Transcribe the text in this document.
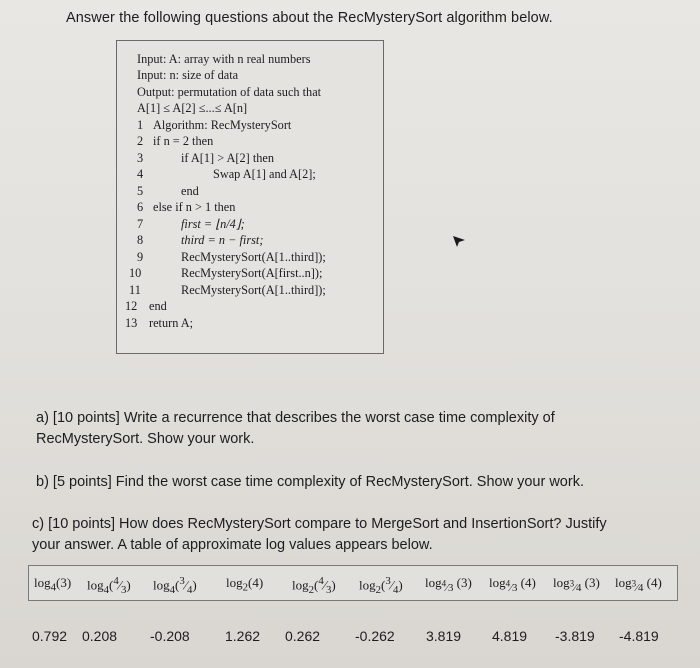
Answer the following questions about the RecMysterySort algorithm below.
Input: A: array with n real numbers
Input: n: size of data
Output: permutation of data such that
A[1] ≤ A[2] ≤...≤ A[n]
1 Algorithm: RecMysterySort
2 if n = 2 then
3	if A[1] > A[2] then
4	Swap A[1] and A[2];
5	end
6 else if n > 1 then
7	first = ⌊n/4⌋;
8	third = n − first;
9	RecMysterySort(A[1..third]);
10	RecMysterySort(A[first..n]);
11	RecMysterySort(A[1..third]);
12 end
13 return A;
a) [10 points] Write a recurrence that describes the worst case time complexity of
RecMysterySort. Show your work.
b) [5 points] Find the worst case time complexity of RecMysterySort. Show your work.
c) [10 points] How does RecMysterySort compare to MergeSort and InsertionSort? Justify
your answer. A table of approximate log values appears below.
$\log_4(3)$ $\log_4(^4⁄_3)$ $\log_4(^3⁄_4)$ $\log_2(4)$ $\log_2(^4⁄_3)$ $\log_2(^3⁄_4)$ $\log_{^4⁄3} (3)$ $\log_{^4⁄3} (4)$ $\log_{^3⁄4} (3)$ $\log_{^3⁄4} (4)$
0.792 0.208 -0.208	1.262 0.262 -0.262 3.819 4.819 -3.819 -4.819
